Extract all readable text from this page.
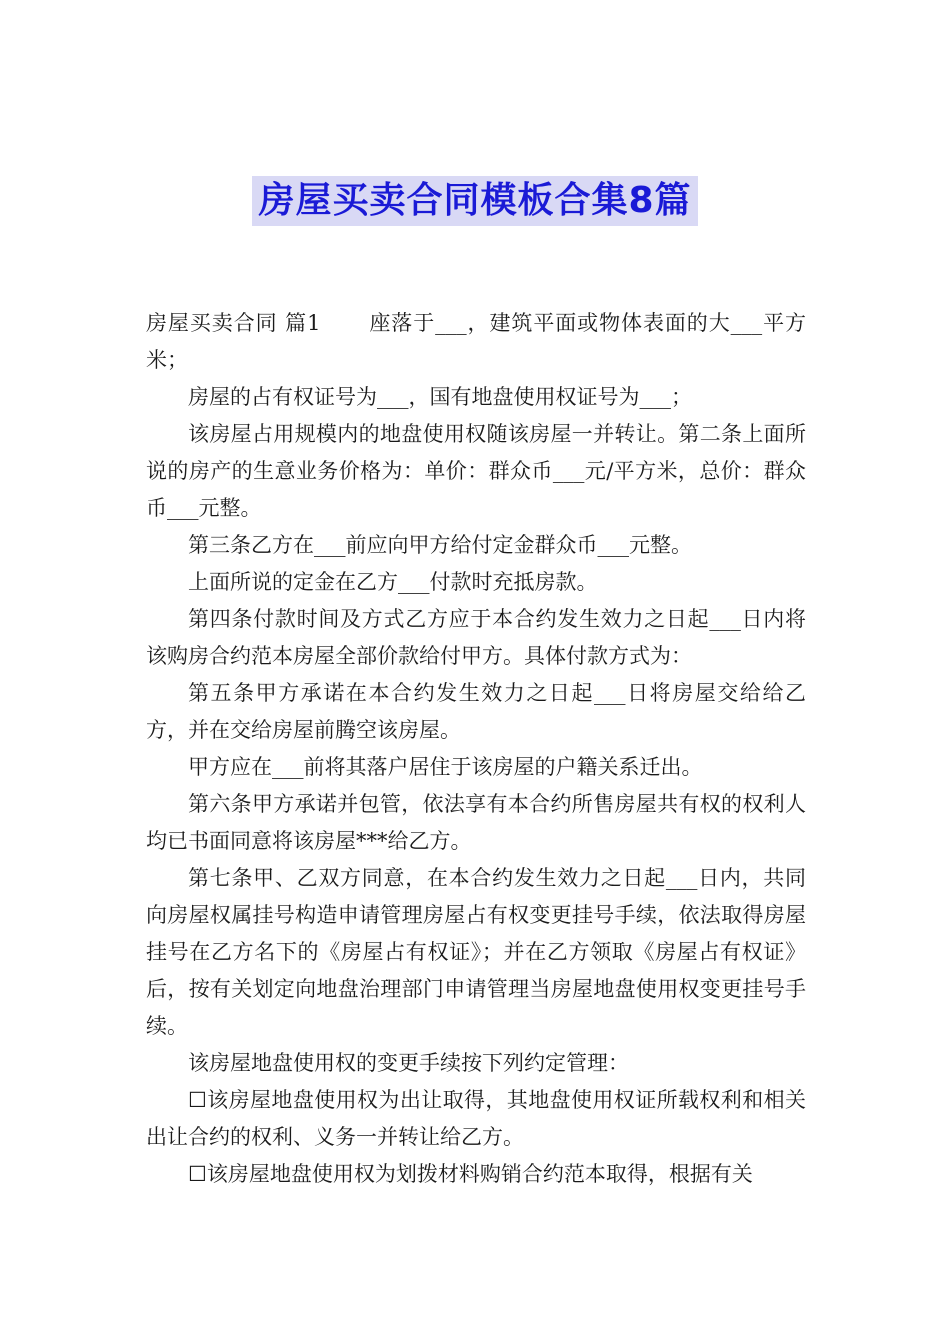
房屋买卖合同模板合集8篇

房屋买卖合同 篇1 座落于___，建筑平面或物体表面的大___平方米；

房屋的占有权证号为___，国有地盘使用权证号为___；

该房屋占用规模内的地盘使用权随该房屋一并转让。第二条上面所说的房产的生意业务价格为：单价：群众币___元/平方米，总价：群众币___元整。

第三条乙方在___前应向甲方给付定金群众币___元整。

上面所说的定金在乙方___付款时充抵房款。

第四条付款时间及方式乙方应于本合约发生效力之日起___日内将该购房合约范本房屋全部价款给付甲方。具体付款方式为：

第五条甲方承诺在本合约发生效力之日起___日将房屋交给给乙方，并在交给房屋前腾空该房屋。

甲方应在___前将其落户居住于该房屋的户籍关系迁出。

第六条甲方承诺并包管，依法享有本合约所售房屋共有权的权利人均已书面同意将该房屋***给乙方。

第七条甲、乙双方同意，在本合约发生效力之日起___日内，共同向房屋权属挂号构造申请管理房屋占有权变更挂号手续，依法取得房屋挂号在乙方名下的《房屋占有权证》；并在乙方领取《房屋占有权证》后，按有关划定向地盘治理部门申请管理当房屋地盘使用权变更挂号手续。

该房屋地盘使用权的变更手续按下列约定管理：

☐该房屋地盘使用权为出让取得，其地盘使用权证所载权利和相关出让合约的权利、义务一并转让给乙方。

☐该房屋地盘使用权为划拨材料购销合约范本取得，根据有关
